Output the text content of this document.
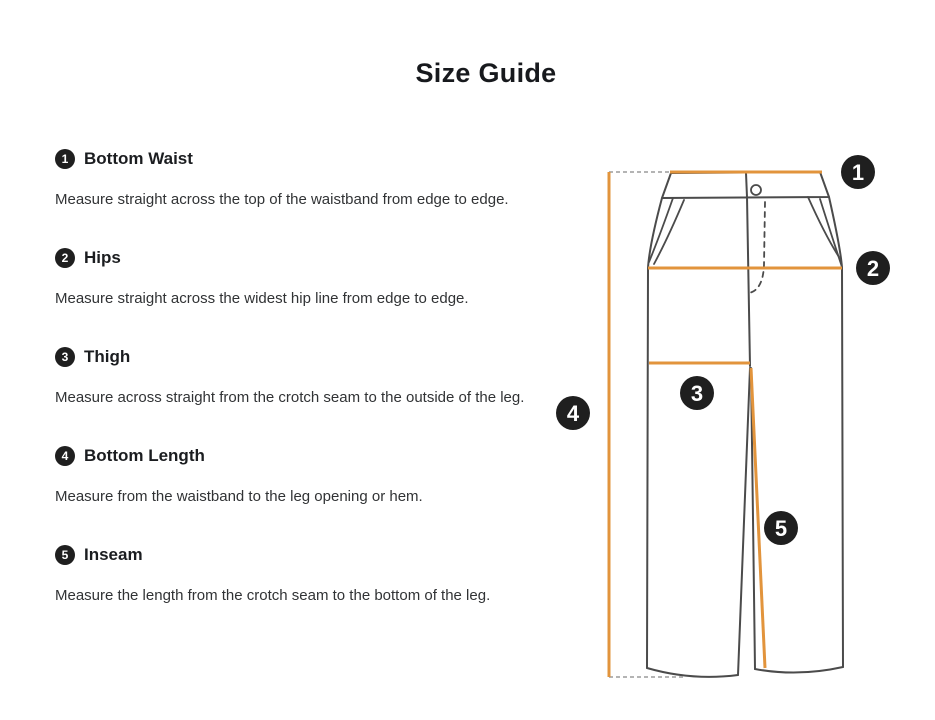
Size Guide
1 Bottom Waist

Measure straight across the top of the waistband from edge to edge.

2 Hips

Measure straight across the widest hip line from edge to edge.

3 Thigh

Measure across straight from the crotch seam to the outside of the leg.

4 Bottom Length

Measure from the waistband to the leg opening or hem.

5 Inseam

Measure the length from the crotch seam to the bottom of the leg.

1
2
3
4
5
